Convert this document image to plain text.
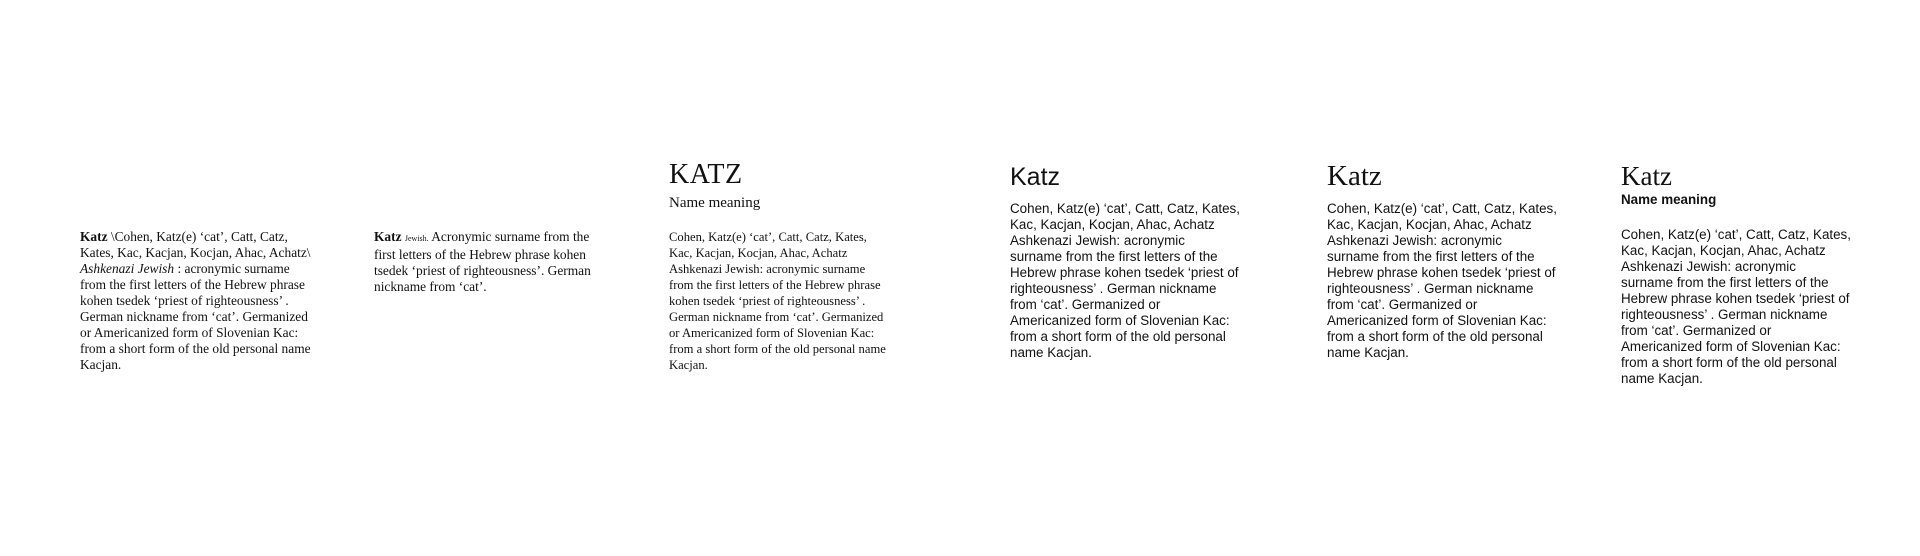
Katz \Cohen, Katz(e) ‘cat’, Catt, Catz, Kates, Kac, Kacjan, Kocjan, Ahac, Achatz\ Ashkenazi Jewish : acronymic surname from the first letters of the Hebrew phrase kohen tsedek ‘priest of righteousness’ . German nickname from ‘cat’. Germanized or Americanized form of Slovenian Kac: from a short form of the old personal name Kacjan.

Katz Jewish. Acronymic surname from the first letters of the Hebrew phrase kohen tsedek ‘priest of righteousness’. German nickname from ‘cat’.

KATZ

Name meaning

Cohen, Katz(e) ‘cat’, Catt, Catz, Kates, Kac, Kacjan, Kocjan, Ahac, Achatz Ashkenazi Jewish: acronymic surname from the first letters of the Hebrew phrase kohen tsedek ‘priest of righteousness’ . German nickname from ‘cat’. Germanized or Americanized form of Slovenian Kac: from a short form of the old personal name Kacjan.

Katz

Cohen, Katz(e) ‘cat’, Catt, Catz, Kates, Kac, Kacjan, Kocjan, Ahac, Achatz Ashkenazi Jewish: acronymic surname from the first letters of the Hebrew phrase kohen tsedek ‘priest of righteousness’ . German nickname from ‘cat’. Germanized or Americanized form of Slovenian Kac: from a short form of the old personal name Kacjan.

Katz

Cohen, Katz(e) ‘cat’, Catt, Catz, Kates, Kac, Kacjan, Kocjan, Ahac, Achatz Ashkenazi Jewish: acronymic surname from the first letters of the Hebrew phrase kohen tsedek ‘priest of righteousness’ . German nickname from ‘cat’. Germanized or Americanized form of Slovenian Kac: from a short form of the old personal name Kacjan.

Katz

Name meaning

Cohen, Katz(e) ‘cat’, Catt, Catz, Kates, Kac, Kacjan, Kocjan, Ahac, Achatz Ashkenazi Jewish: acronymic surname from the first letters of the Hebrew phrase kohen tsedek ‘priest of righteousness’ . German nickname from ‘cat’. Germanized or Americanized form of Slovenian Kac: from a short form of the old personal name Kacjan.
